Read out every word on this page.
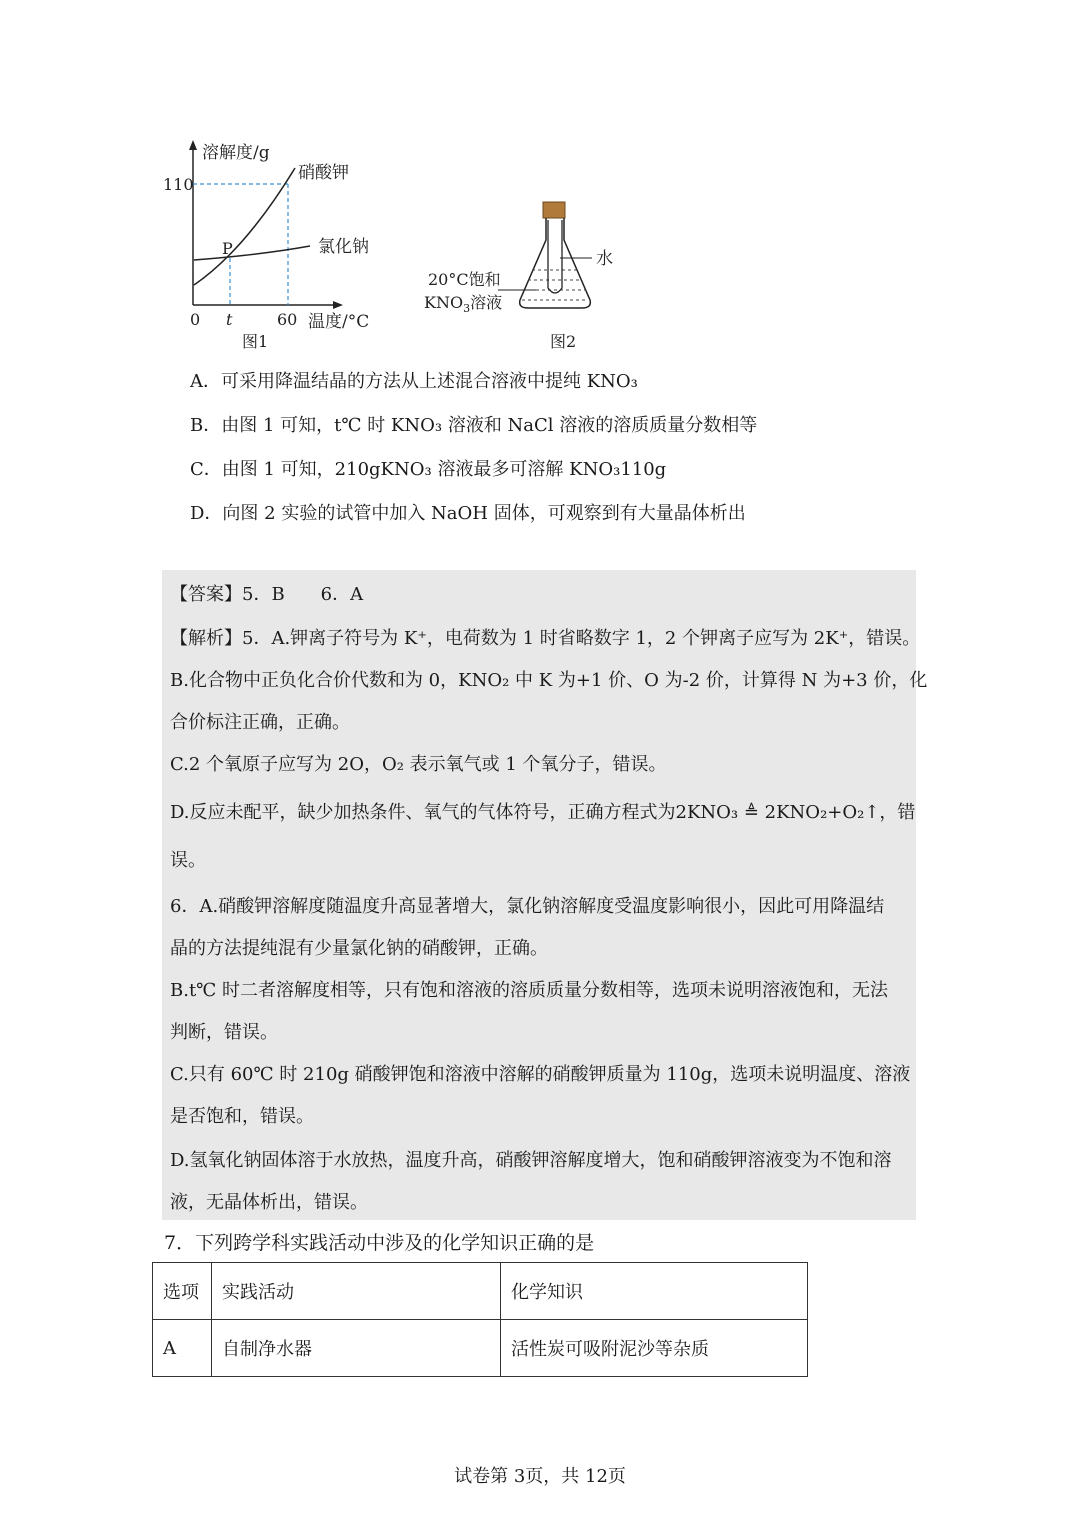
溶解度/g
110
0 t	60 温度/°C
硝酸钾
氯化钠
P
图1
水
20°C饱和
$KNO_3$溶液
图2
A．可采用降温结晶的方法从上述混合溶液中提纯 KNO₃
B．由图 1 可知，t℃ 时 KNO₃ 溶液和 NaCl 溶液的溶质质量分数相等
C．由图 1 可知，210gKNO₃ 溶液最多可溶解 KNO₃110g
D．向图 2 实验的试管中加入 NaOH 固体，可观察到有大量晶体析出
【答案】5．B　　6．A
【解析】5．A.钾离子符号为 K⁺，电荷数为 1 时省略数字 1，2 个钾离子应写为 2K⁺，错误。
B.化合物中正负化合价代数和为 0，KNO₂ 中 K 为+1 价、O 为-2 价，计算得 N 为+3 价，化
合价标注正确，正确。
C.2 个氧原子应写为 2O，O₂ 表示氧气或 1 个氧分子，错误。
D.反应未配平，缺少加热条件、氧气的气体符号，正确方程式为2KNO₃ ≜ 2KNO₂+O₂↑，错
误。
6．A.硝酸钾溶解度随温度升高显著增大，氯化钠溶解度受温度影响很小，因此可用降温结
晶的方法提纯混有少量氯化钠的硝酸钾，正确。
B.t℃ 时二者溶解度相等，只有饱和溶液的溶质质量分数相等，选项未说明溶液饱和，无法
判断，错误。
C.只有 60℃ 时 210g 硝酸钾饱和溶液中溶解的硝酸钾质量为 110g，选项未说明温度、溶液
是否饱和，错误。
D.氢氧化钠固体溶于水放热，温度升高，硝酸钾溶解度增大，饱和硝酸钾溶液变为不饱和溶
液，无晶体析出，错误。
7．下列跨学科实践活动中涉及的化学知识正确的是
选项	实践活动	化学知识
A	自制净水器	活性炭可吸附泥沙等杂质
试卷第 3页，共 12页
